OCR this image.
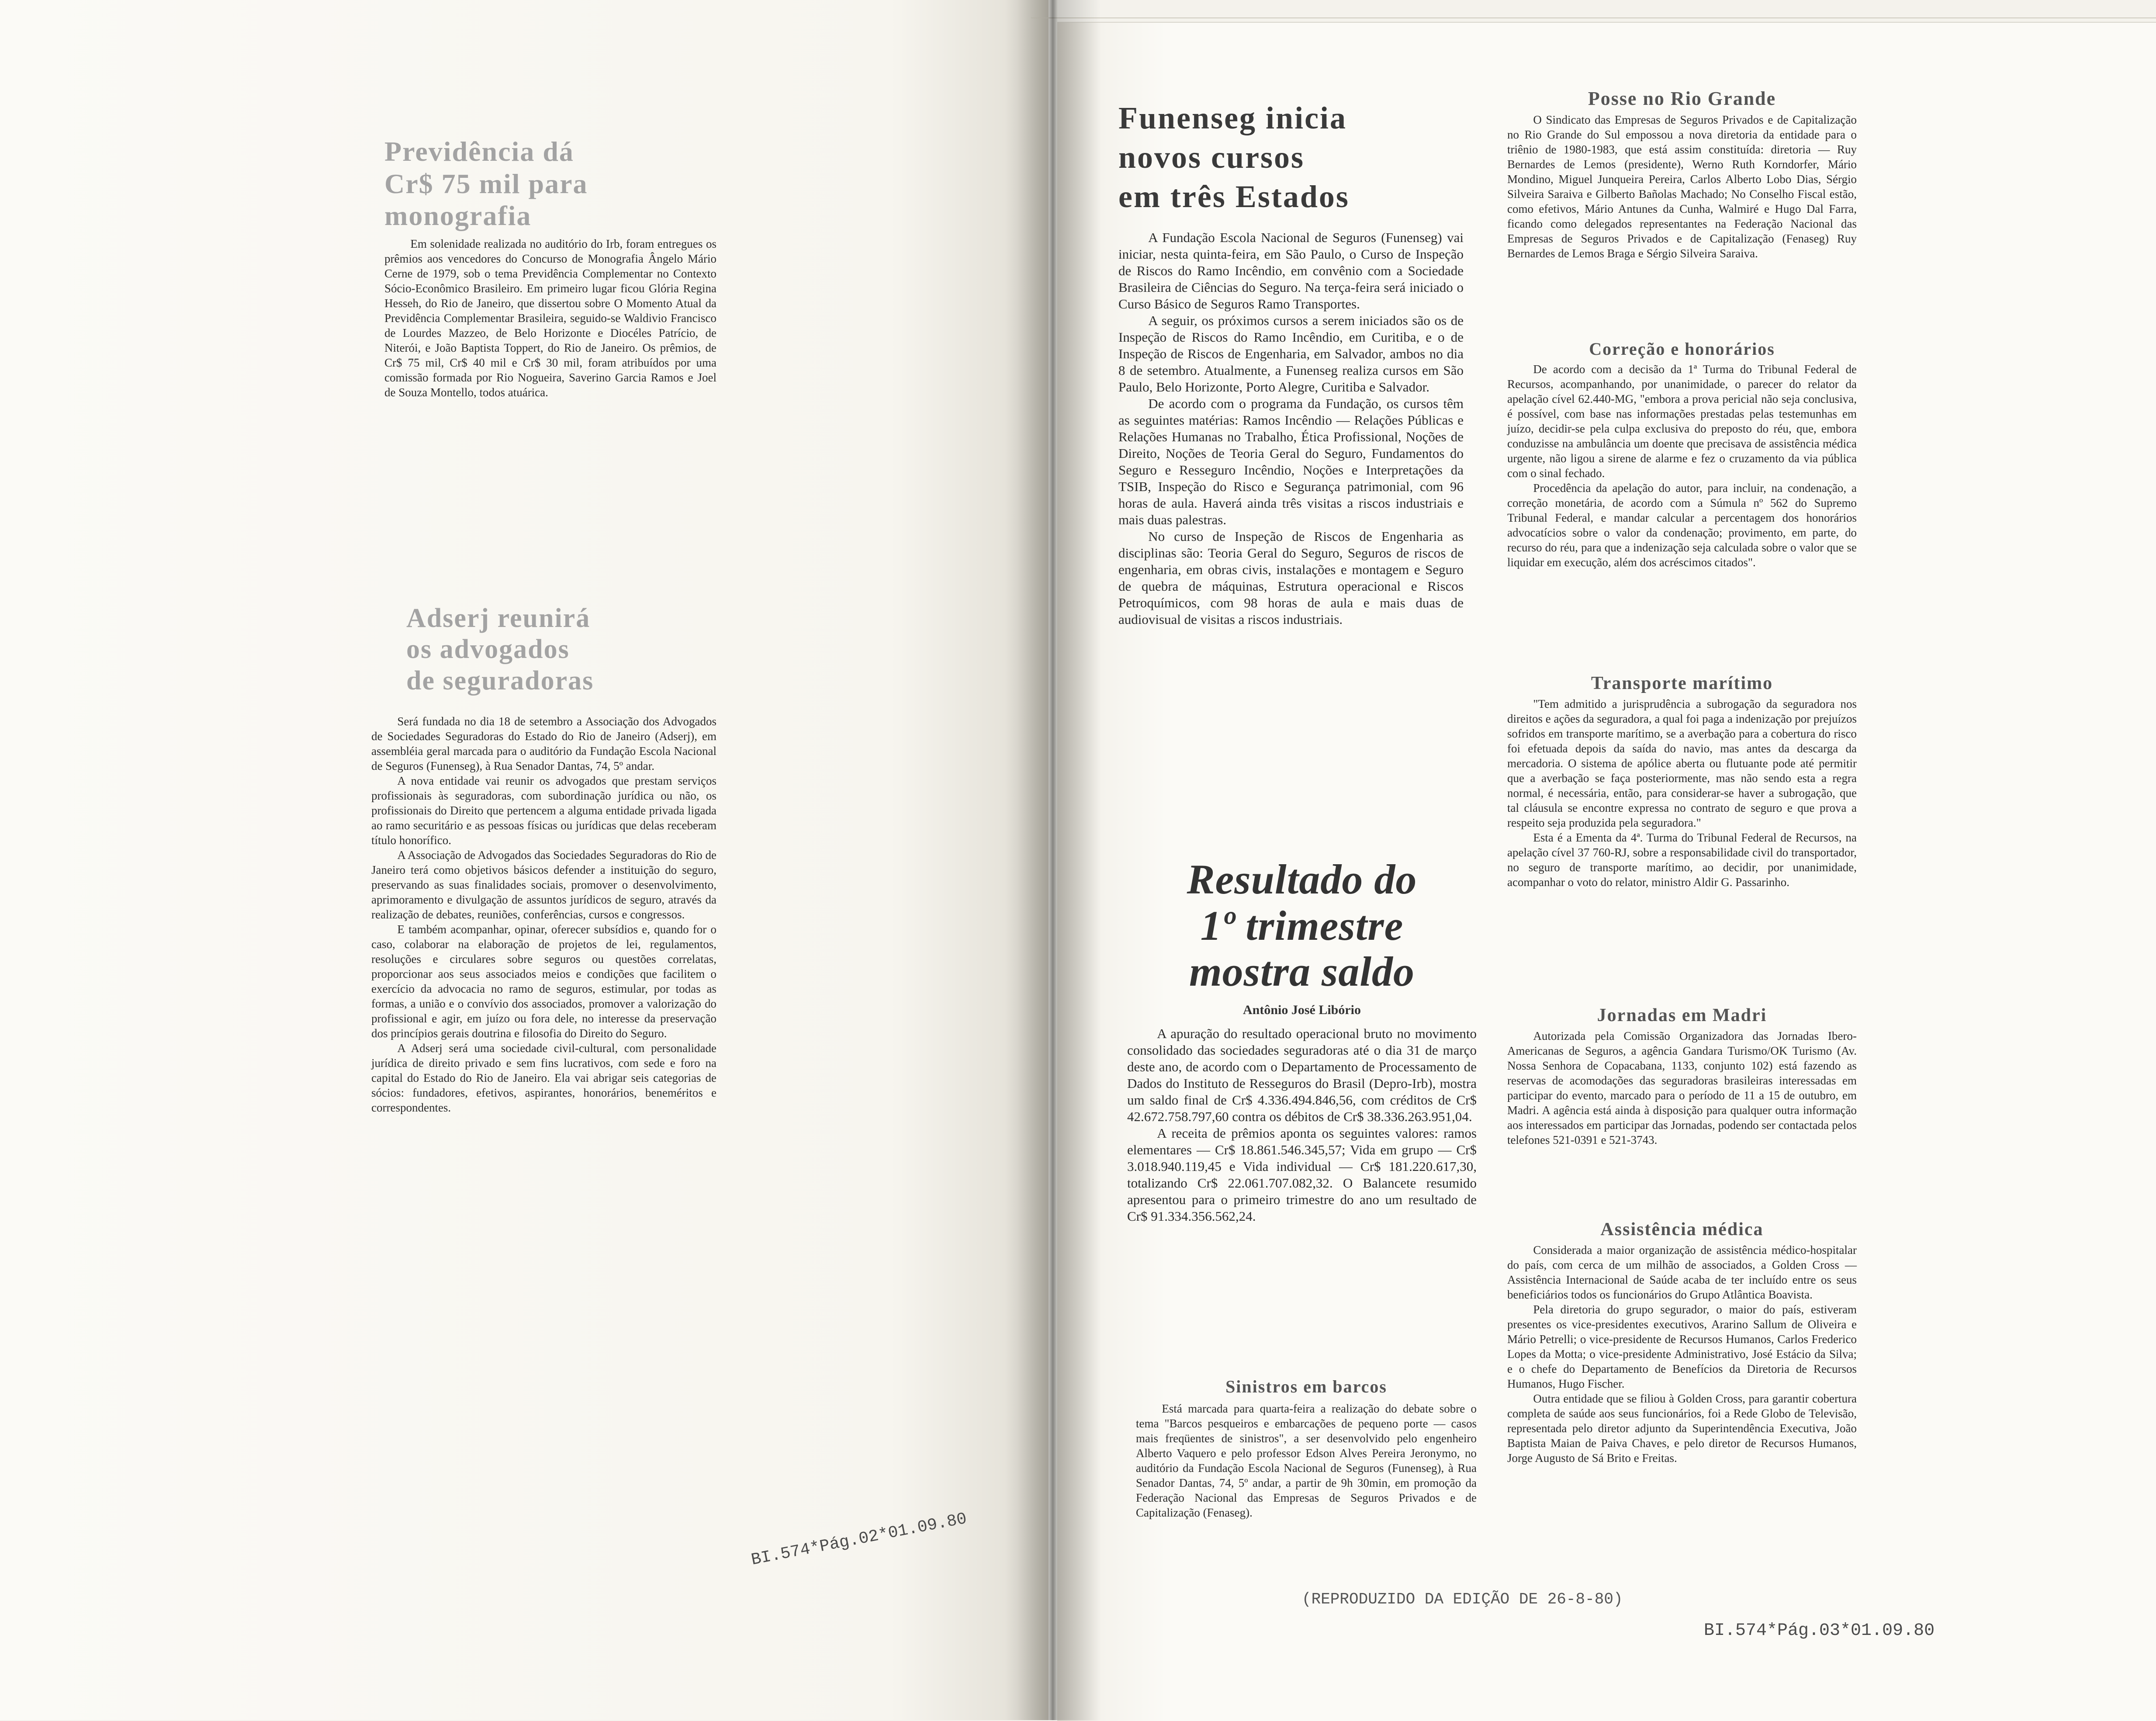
Previdência dá
Cr$ 75 mil para
monografia

Em solenidade realizada no auditório do Irb, foram entregues os prêmios aos vencedores do Concurso de Monografia Ângelo Mário Cerne de 1979, sob o tema Previdência Complementar no Contexto Sócio-Econômico Brasileiro. Em primeiro lugar ficou Glória Regina Hesseh, do Rio de Janeiro, que dissertou sobre O Momento Atual da Previdência Complementar Brasileira, seguido-se Waldivio Francisco de Lourdes Mazzeo, de Belo Horizonte e Diocéles Patrício, de Niterói, e João Baptista Toppert, do Rio de Janeiro. Os prêmios, de Cr$ 75 mil, Cr$ 40 mil e Cr$ 30 mil, foram atribuídos por uma comissão formada por Rio Nogueira, Saverino Garcia Ramos e Joel de Souza Montello, todos atuárica.

Adserj reunirá
os advogados
de seguradoras

Será fundada no dia 18 de setembro a Associação dos Advogados de Sociedades Seguradoras do Estado do Rio de Janeiro (Adserj), em assembléia geral marcada para o auditório da Fundação Escola Nacional de Seguros (Funenseg), à Rua Senador Dantas, 74, 5º andar.

A nova entidade vai reunir os advogados que prestam serviços profissionais às seguradoras, com subordinação jurídica ou não, os profissionais do Direito que pertencem a alguma entidade privada ligada ao ramo securitário e as pessoas físicas ou jurídicas que delas receberam título honorífico.

A Associação de Advogados das Sociedades Seguradoras do Rio de Janeiro terá como objetivos básicos defender a instituição do seguro, preservando as suas finalidades sociais, promover o desenvolvimento, aprimoramento e divulgação de assuntos jurídicos de seguro, através da realização de debates, reuniões, conferências, cursos e congressos.

E também acompanhar, opinar, oferecer subsídios e, quando for o caso, colaborar na elaboração de projetos de lei, regulamentos, resoluções e circulares sobre seguros ou questões correlatas, proporcionar aos seus associados meios e condições que facilitem o exercício da advocacia no ramo de seguros, estimular, por todas as formas, a união e o convívio dos associados, promover a valorização do profissional e agir, em juízo ou fora dele, no interesse da preservação dos princípios gerais doutrina e filosofia do Direito do Seguro.

A Adserj será uma sociedade civil-cultural, com personalidade jurídica de direito privado e sem fins lucrativos, com sede e foro na capital do Estado do Rio de Janeiro. Ela vai abrigar seis categorias de sócios: fundadores, efetivos, aspirantes, honorários, beneméritos e correspondentes.

BI.574*Pág.02*01.09.80
Funenseg inicia
novos cursos
em três Estados

A Fundação Escola Nacional de Seguros (Funenseg) vai iniciar, nesta quinta-feira, em São Paulo, o Curso de Inspeção de Riscos do Ramo Incêndio, em convênio com a Sociedade Brasileira de Ciências do Seguro. Na terça-feira será iniciado o Curso Básico de Seguros Ramo Transportes.

A seguir, os próximos cursos a serem iniciados são os de Inspeção de Riscos do Ramo Incêndio, em Curitiba, e o de Inspeção de Riscos de Engenharia, em Salvador, ambos no dia 8 de setembro. Atualmente, a Funenseg realiza cursos em São Paulo, Belo Horizonte, Porto Alegre, Curitiba e Salvador.

De acordo com o programa da Fundação, os cursos têm as seguintes matérias: Ramos Incêndio — Relações Públicas e Relações Humanas no Trabalho, Ética Profissional, Noções de Direito, Noções de Teoria Geral do Seguro, Fundamentos do Seguro e Resseguro Incêndio, Noções e Interpretações da TSIB, Inspeção do Risco e Segurança patrimonial, com 96 horas de aula. Haverá ainda três visitas a riscos industriais e mais duas palestras.

No curso de Inspeção de Riscos de Engenharia as disciplinas são: Teoria Geral do Seguro, Seguros de riscos de engenharia, em obras civis, instalações e montagem e Seguro de quebra de máquinas, Estrutura operacional e Riscos Petroquímicos, com 98 horas de aula e mais duas de audiovisual de visitas a riscos industriais.

Resultado do
1º trimestre
mostra saldo
Antônio José Libório

A apuração do resultado operacional bruto no movimento consolidado das sociedades seguradoras até o dia 31 de março deste ano, de acordo com o Departamento de Processamento de Dados do Instituto de Resseguros do Brasil (Depro-Irb), mostra um saldo final de Cr$ 4.336.494.846,56, com créditos de Cr$ 42.672.758.797,60 contra os débitos de Cr$ 38.336.263.951,04.

A receita de prêmios aponta os seguintes valores: ramos elementares — Cr$ 18.861.546.345,57; Vida em grupo — Cr$ 3.018.940.119,45 e Vida individual — Cr$ 181.220.617,30, totalizando Cr$ 22.061.707.082,32. O Balancete resumido apresentou para o primeiro trimestre do ano um resultado de Cr$ 91.334.356.562,24.

Sinistros em barcos

Está marcada para quarta-feira a realização do debate sobre o tema "Barcos pesqueiros e embarcações de pequeno porte — casos mais freqüentes de sinistros", a ser desenvolvido pelo engenheiro Alberto Vaquero e pelo professor Edson Alves Pereira Jeronymo, no auditório da Fundação Escola Nacional de Seguros (Funenseg), à Rua Senador Dantas, 74, 5º andar, a partir de 9h 30min, em promoção da Federação Nacional das Empresas de Seguros Privados e de Capitalização (Fenaseg).

Posse no Rio Grande

O Sindicato das Empresas de Seguros Privados e de Capitalização no Rio Grande do Sul empossou a nova diretoria da entidade para o triênio de 1980-1983, que está assim constituída: diretoria — Ruy Bernardes de Lemos (presidente), Werno Ruth Korndorfer, Mário Mondino, Miguel Junqueira Pereira, Carlos Alberto Lobo Dias, Sérgio Silveira Saraiva e Gilberto Bañolas Machado; No Conselho Fiscal estão, como efetivos, Mário Antunes da Cunha, Walmiré e Hugo Dal Farra, ficando como delegados representantes na Federação Nacional das Empresas de Seguros Privados e de Capitalização (Fenaseg) Ruy Bernardes de Lemos Braga e Sérgio Silveira Saraiva.

Correção e honorários

De acordo com a decisão da 1ª Turma do Tribunal Federal de Recursos, acompanhando, por unanimidade, o parecer do relator da apelação cível 62.440-MG, "embora a prova pericial não seja conclusiva, é possível, com base nas informações prestadas pelas testemunhas em juízo, decidir-se pela culpa exclusiva do preposto do réu, que, embora conduzisse na ambulância um doente que precisava de assistência médica urgente, não ligou a sirene de alarme e fez o cruzamento da via pública com o sinal fechado.

Procedência da apelação do autor, para incluir, na condenação, a correção monetária, de acordo com a Súmula nº 562 do Supremo Tribunal Federal, e mandar calcular a percentagem dos honorários advocatícios sobre o valor da condenação; provimento, em parte, do recurso do réu, para que a indenização seja calculada sobre o valor que se liquidar em execução, além dos acréscimos citados".

Transporte marítimo

"Tem admitido a jurisprudência a subrogação da seguradora nos direitos e ações da seguradora, a qual foi paga a indenização por prejuízos sofridos em transporte marítimo, se a averbação para a cobertura do risco foi efetuada depois da saída do navio, mas antes da descarga da mercadoria. O sistema de apólice aberta ou flutuante pode até permitir que a averbação se faça posteriormente, mas não sendo esta a regra normal, é necessária, então, para considerar-se haver a subrogação, que tal cláusula se encontre expressa no contrato de seguro e que prova a respeito seja produzida pela seguradora."

Esta é a Ementa da 4ª. Turma do Tribunal Federal de Recursos, na apelação cível 37 760-RJ, sobre a responsabilidade civil do transportador, no seguro de transporte marítimo, ao decidir, por unanimidade, acompanhar o voto do relator, ministro Aldir G. Passarinho.

Jornadas em Madri

Autorizada pela Comissão Organizadora das Jornadas Ibero-Americanas de Seguros, a agência Gandara Turismo/OK Turismo (Av. Nossa Senhora de Copacabana, 1133, conjunto 102) está fazendo as reservas de acomodações das seguradoras brasileiras interessadas em participar do evento, marcado para o período de 11 a 15 de outubro, em Madri. A agência está ainda à disposição para qualquer outra informação aos interessados em participar das Jornadas, podendo ser contactada pelos telefones 521-0391 e 521-3743.

Assistência médica

Considerada a maior organização de assistência médico-hospitalar do país, com cerca de um milhão de associados, a Golden Cross — Assistência Internacional de Saúde acaba de ter incluído entre os seus beneficiários todos os funcionários do Grupo Atlântica Boavista.

Pela diretoria do grupo segurador, o maior do país, estiveram presentes os vice-presidentes executivos, Ararino Sallum de Oliveira e Mário Petrelli; o vice-presidente de Recursos Humanos, Carlos Frederico Lopes da Motta; o vice-presidente Administrativo, José Estácio da Silva; e o chefe do Departamento de Benefícios da Diretoria de Recursos Humanos, Hugo Fischer.

Outra entidade que se filiou à Golden Cross, para garantir cobertura completa de saúde aos seus funcionários, foi a Rede Globo de Televisão, representada pelo diretor adjunto da Superintendência Executiva, João Baptista Maian de Paiva Chaves, e pelo diretor de Recursos Humanos, Jorge Augusto de Sá Brito e Freitas.

(REPRODUZIDO DA EDIÇÃO DE 26-8-80)
BI.574*Pág.03*01.09.80
